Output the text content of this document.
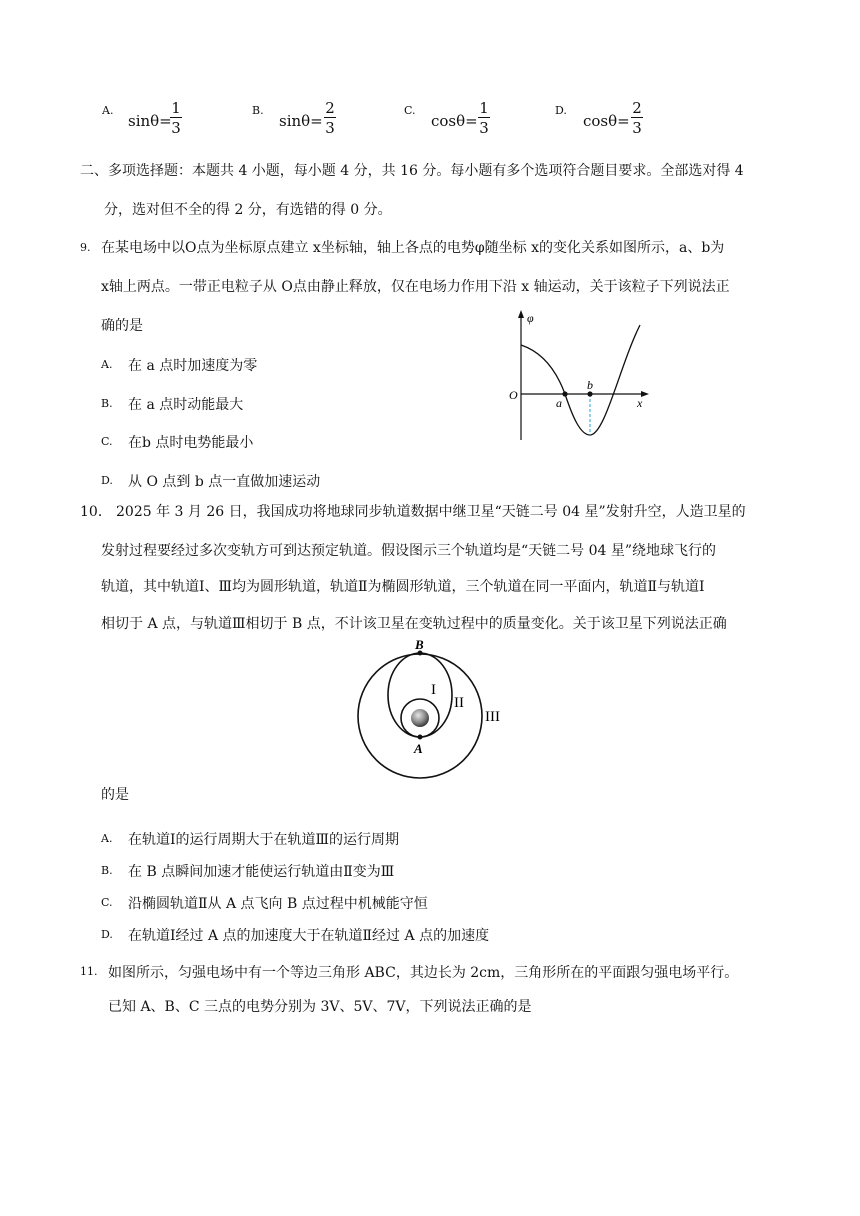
A.
sinθ=
1
3
B.
sinθ=
2
3
C.
cosθ=
1
3
D.
cosθ=
2
3
二、多项选择题：本题共 4 小题，每小题 4 分，共 16 分。每小题有多个选项符合题目要求。全部选对得 4
分，选对但不全的得 2 分，有选错的得 0 分。
9. 在某电场中以O点为坐标原点建立 x坐标轴，轴上各点的电势φ随坐标 x的变化关系如图所示，a、b为
x轴上两点。一带正电粒子从 O点由静止释放，仅在电场力作用下沿 x 轴运动，关于该粒子下列说法正
确的是
A. 在 a 点时加速度为零
B. 在 a 点时动能最大
C. 在b 点时电势能最小
D. 从 O 点到 b 点一直做加速运动
φ
O
a
b
x
10． 2025 年 3 月 26 日，我国成功将地球同步轨道数据中继卫星“天链二号 04 星”发射升空，人造卫星的
发射过程要经过多次变轨方可到达预定轨道。假设图示三个轨道均是“天链二号 04 星”绕地球飞行的
轨道，其中轨道Ⅰ、Ⅲ均为圆形轨道，轨道Ⅱ为椭圆形轨道，三个轨道在同一平面内，轨道Ⅱ与轨道Ⅰ
相切于 A 点，与轨道Ⅲ相切于 B 点，不计该卫星在变轨过程中的质量变化。关于该卫星下列说法正确
B
A
I
II
III
的是
A. 在轨道Ⅰ的运行周期大于在轨道Ⅲ的运行周期
B. 在 B 点瞬间加速才能使运行轨道由Ⅱ变为Ⅲ
C. 沿椭圆轨道Ⅱ从 A 点飞向 B 点过程中机械能守恒
D. 在轨道Ⅰ经过 A 点的加速度大于在轨道Ⅱ经过 A 点的加速度
11. 如图所示，匀强电场中有一个等边三角形 ABC，其边长为 2cm，三角形所在的平面跟匀强电场平行。
已知 A、B、C 三点的电势分别为 3V、5V、7V，下列说法正确的是
